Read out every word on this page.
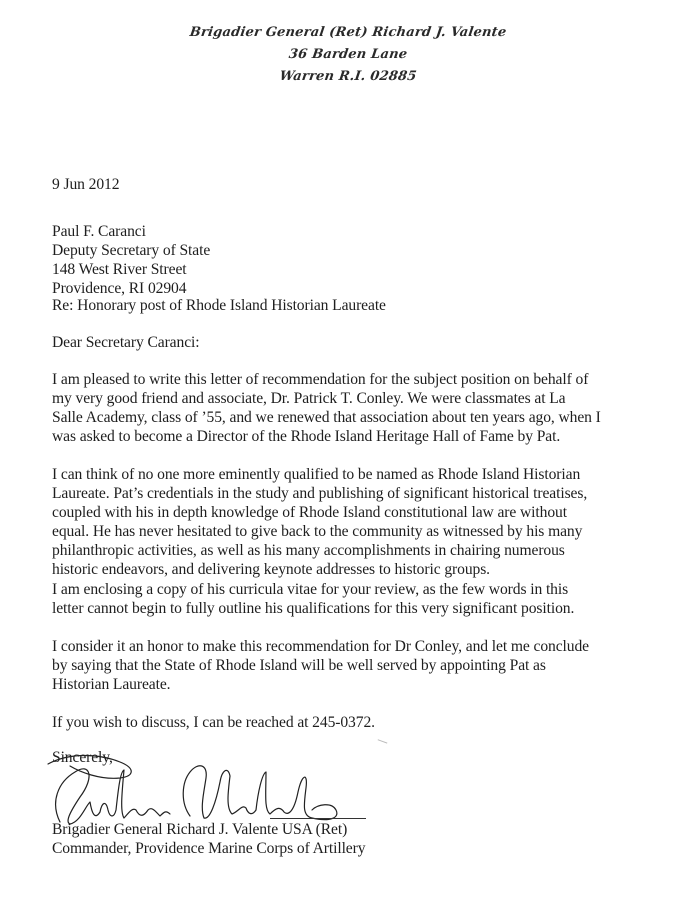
Brigadier General (Ret) Richard J. Valente
36 Barden Lane
Warren R.I. 02885
9 Jun 2012
Paul F. Caranci
Deputy Secretary of State
148 West River Street
Providence, RI 02904
Re: Honorary post of Rhode Island Historian Laureate
Dear Secretary Caranci:
I am pleased to write this letter of recommendation for the subject position on behalf of
my very good friend and associate, Dr. Patrick T. Conley. We were classmates at La
Salle Academy, class of ’55, and we renewed that association about ten years ago, when I
was asked to become a Director of the Rhode Island Heritage Hall of Fame by Pat.
I can think of no one more eminently qualified to be named as Rhode Island Historian
Laureate. Pat’s credentials in the study and publishing of significant historical treatises,
coupled with his in depth knowledge of Rhode Island constitutional law are without
equal. He has never hesitated to give back to the community as witnessed by his many
philanthropic activities, as well as his many accomplishments in chairing numerous
historic endeavors, and delivering keynote addresses to historic groups.
I am enclosing a copy of his curricula vitae for your review, as the few words in this
letter cannot begin to fully outline his qualifications for this very significant position.
I consider it an honor to make this recommendation for Dr Conley, and let me conclude
by saying that the State of Rhode Island will be well served by appointing Pat as
Historian Laureate.
If you wish to discuss, I can be reached at 245-0372.
Sincerely,
Brigadier General Richard J. Valente USA (Ret)
Commander, Providence Marine Corps of Artillery
